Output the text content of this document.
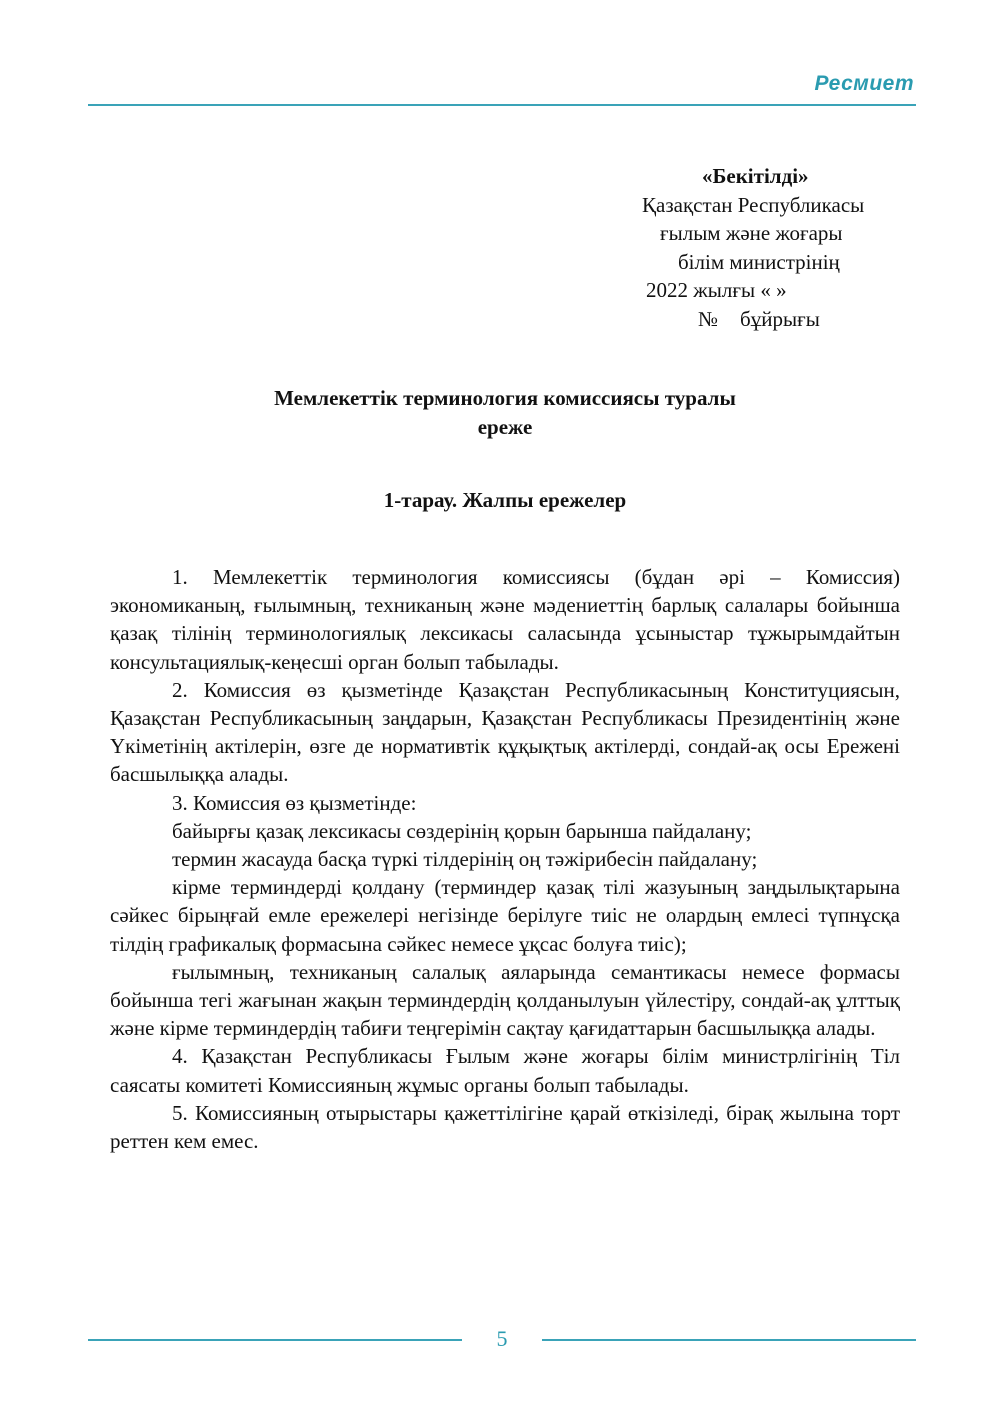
Ресмиет
«Бекітілді»
Қазақстан Республикасы
ғылым және жоғары
білім министрінің
2022 жылғы « »
№ бұйрығы
Мемлекеттік терминология комиссиясы туралы
ереже
1-тарау. Жалпы ережелер

1. Мемлекеттік терминология комиссиясы (бұдан әрі – Комиссия) экономиканың, ғылымның, техниканың және мәдениеттің барлық салалары бойынша қазақ тілінің терминологиялық лексикасы саласында ұсыныстар тұжырымдайтын консультациялық-кеңесші орган болып табылады.

2. Комиссия өз қызметінде Қазақстан Республикасының Конституциясын, Қазақстан Республикасының заңдарын, Қазақстан Республикасы Президентінің және Үкіметінің актілерін, өзге де нормативтік құқықтық актілерді, сондай-ақ осы Ережені басшылыққа алады.

3. Комиссия өз қызметінде:

байырғы қазақ лексикасы сөздерінің қорын барынша пайдалану;

термин жасауда басқа түркі тілдерінің оң тәжірибесін пайдалану;

кірме терминдерді қолдану (терминдер қазақ тілі жазуының заңдылықтарына сәйкес бірыңғай емле ережелері негізінде берілуге тиіс не олардың емлесі түпнұсқа тілдің графикалық формасына сәйкес немесе ұқсас болуға тиіс);

ғылымның, техниканың салалық аяларында семантикасы немесе формасы бойынша тегі жағынан жақын терминдердің қолданылуын үйлестіру, сондай-ақ ұлттық және кірме терминдердің табиғи теңгерімін сақтау қағидаттарын басшылыққа алады.

4. Қазақстан Республикасы Ғылым және жоғары білім министрлігінің Тіл саясаты комитеті Комиссияның жұмыс органы болып табылады.

5. Комиссияның отырыстары қажеттілігіне қарай өткізіледі, бірақ жылына торт реттен кем емес.

5
